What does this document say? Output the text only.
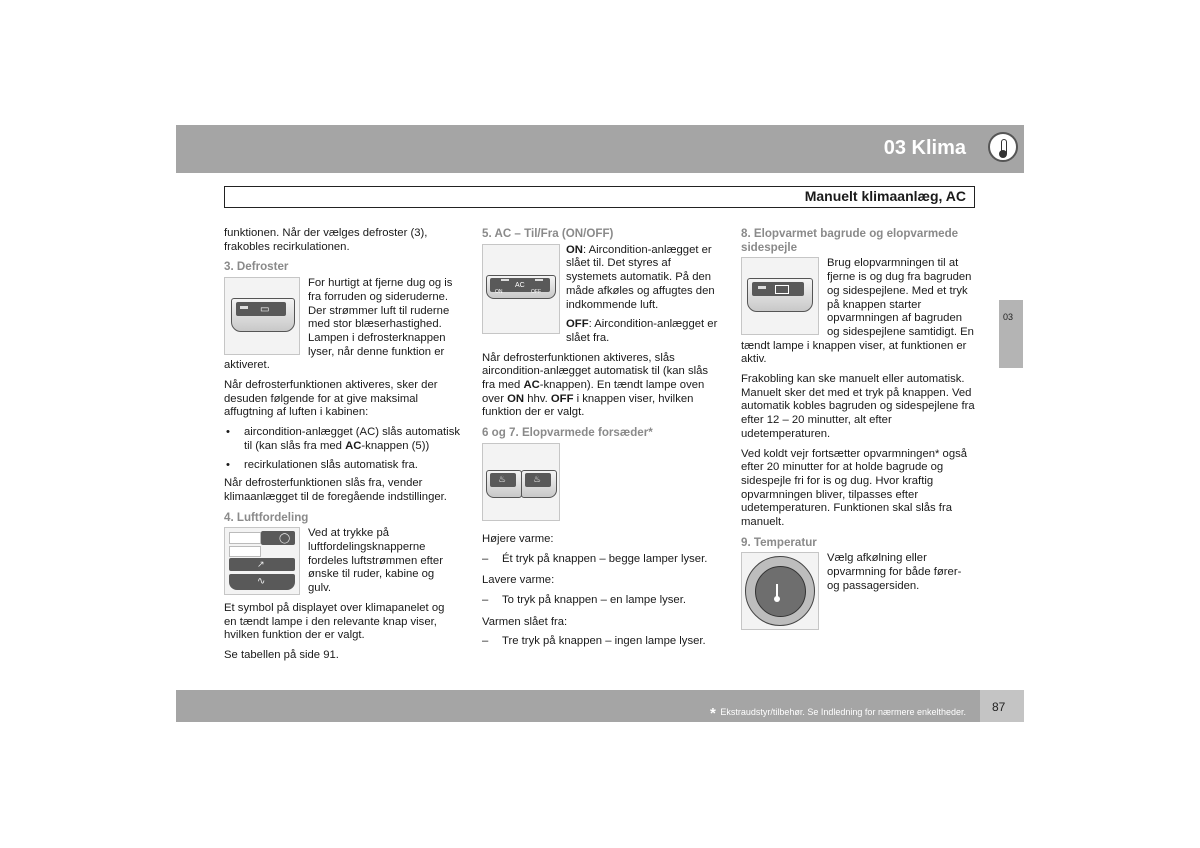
03 Klima
Manuelt klimaanlæg, AC
03

funktionen. Når der vælges defroster (3), frakobles recirkulationen.

3. Defroster
▭

For hurtigt at fjerne dug og is fra forruden og sideruderne. Der strømmer luft til ruderne med stor blæserhastighed. Lampen i defrosterknappen lyser, når denne funktion er aktiveret.

Når defrosterfunktionen aktiveres, sker der desuden følgende for at give maksimal affugtning af luften i kabinen:

• aircondition-anlægget (AC) slås automatisk til (kan slås fra med AC-knappen (5))
• recirkulationen slås automatisk fra.

Når defrosterfunktionen slås fra, vender klimaanlægget til de foregående indstillinger.

4. Luftfordeling
◯
↗
∿

Ved at trykke på luftfordelingsknapperne fordeles luftstrømmen efter ønske til ruder, kabine og gulv.

Et symbol på displayet over klimapanelet og en tændt lampe i den relevante knap viser, hvilken funktion der er valgt.

Se tabellen på side 91.

5. AC – Til/Fra (ON/OFF)
AC
ON	OFF

ON: Aircondition-anlægget er slået til. Det styres af systemets automatik. På den måde afkøles og affugtes den indkommende luft.

OFF: Aircondition-anlægget er slået fra.

Når defrosterfunktionen aktiveres, slås aircondition-anlægget automatisk til (kan slås fra med AC-knappen). En tændt lampe oven over ON hhv. OFF i knappen viser, hvilken funktion der er valgt.

6 og 7. Elopvarmede forsæder*
♨	♨

Højere varme:

– Ét tryk på knappen – begge lamper lyser.

Lavere varme:

– To tryk på knappen – en lampe lyser.

Varmen slået fra:

– Tre tryk på knappen – ingen lampe lyser.
8. Elopvarmet bagrude og elopvarmede sidespejle

Brug elopvarmningen til at fjerne is og dug fra bagruden og sidespejlene. Med et tryk på knappen starter opvarmningen af bagruden og sidespejlene samtidigt. En tændt lampe i knappen viser, at funktionen er aktiv.

Frakobling kan ske manuelt eller automatisk. Manuelt sker det med et tryk på knappen. Ved automatik kobles bagruden og sidespejlene fra efter 12 – 20 minutter, alt efter udetemperaturen.

Ved koldt vejr fortsætter opvarmningen* også efter 20 minutter for at holde bagrude og sidespejle fri for is og dug. Hvor kraftig opvarmningen bliver, tilpasses efter udetemperaturen. Funktionen skal slås fra manuelt.

9. Temperatur

Vælg afkølning eller opvarmning for både fører- og passagersiden.

* Ekstraudstyr/tilbehør. Se Indledning for nærmere enkeltheder. 87
